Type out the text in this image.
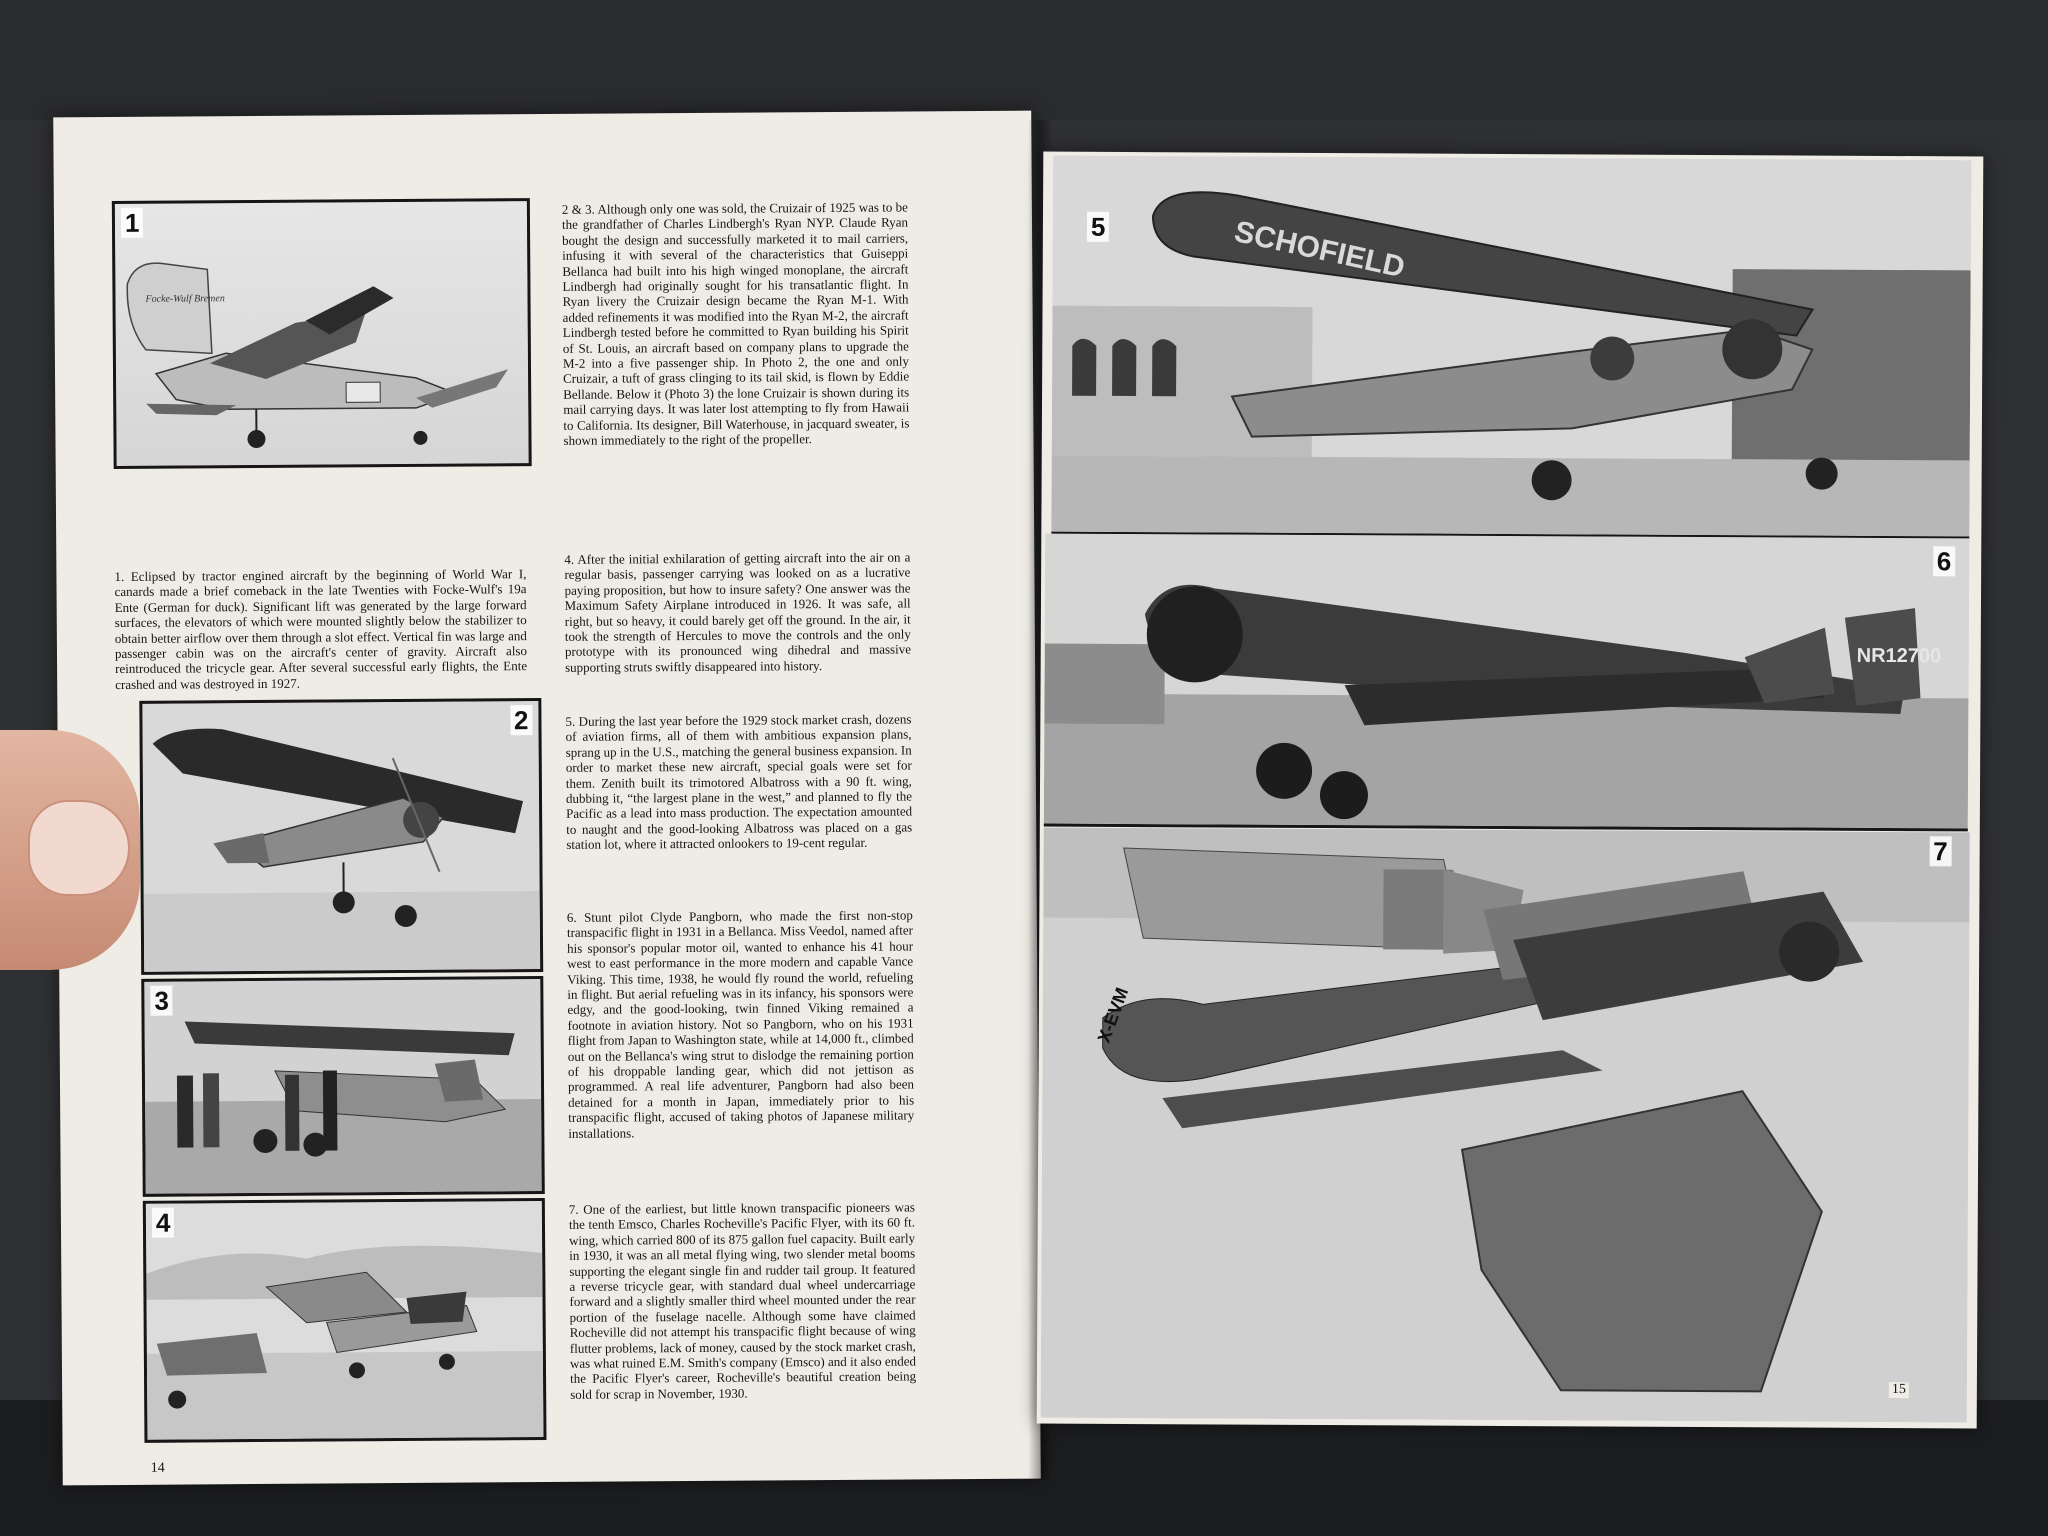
Focke-Wulf Bremen
1
1. Eclipsed by tractor engined aircraft by the beginning of World War I, canards made a brief comeback in the late Twenties with Focke-Wulf's 19a Ente (German for duck). Significant lift was generated by the large forward surfaces, the elevators of which were mounted slightly below the stabilizer to obtain better airflow over them through a slot effect. Vertical fin was large and passenger cabin was on the aircraft's center of gravity. Aircraft also reintroduced the tricycle gear. After several successful early flights, the Ente crashed and was destroyed in 1927.
2
3
4
2 & 3. Although only one was sold, the Cruizair of 1925 was to be the grandfather of Charles Lindbergh's Ryan NYP. Claude Ryan bought the design and successfully marketed it to mail carriers, infusing it with several of the characteristics that Guiseppi Bellanca had built into his high winged monoplane, the aircraft Lindbergh had originally sought for his transatlantic flight. In Ryan livery the Cruizair design became the Ryan M-1. With added refinements it was modified into the Ryan M-2, the aircraft Lindbergh tested before he committed to Ryan building his Spirit of St. Louis, an aircraft based on company plans to upgrade the M-2 into a five passenger ship. In Photo 2, the one and only Cruizair, a tuft of grass clinging to its tail skid, is flown by Eddie Bellande. Below it (Photo 3) the lone Cruizair is shown during its mail carrying days. It was later lost attempting to fly from Hawaii to California. Its designer, Bill Waterhouse, in jacquard sweater, is shown immediately to the right of the propeller.
4. After the initial exhilaration of getting aircraft into the air on a regular basis, passenger carrying was looked on as a lucrative paying proposition, but how to insure safety? One answer was the Maximum Safety Airplane introduced in 1926. It was safe, all right, but so heavy, it could barely get off the ground. In the air, it took the strength of Hercules to move the controls and the only prototype with its pronounced wing dihedral and massive supporting struts swiftly disappeared into history.
5. During the last year before the 1929 stock market crash, dozens of aviation firms, all of them with ambitious expansion plans, sprang up in the U.S., matching the general business expansion. In order to market these new aircraft, special goals were set for them. Zenith built its trimotored Albatross with a 90 ft. wing, dubbing it, “the largest plane in the west,” and planned to fly the Pacific as a lead into mass production. The expectation amounted to naught and the good-looking Albatross was placed on a gas station lot, where it attracted onlookers to 19-cent regular.
6. Stunt pilot Clyde Pangborn, who made the first non-stop transpacific flight in 1931 in a Bellanca. Miss Veedol, named after his sponsor's popular motor oil, wanted to enhance his 41 hour west to east performance in the more modern and capable Vance Viking. This time, 1938, he would fly round the world, refueling in flight. But aerial refueling was in its infancy, his sponsors were edgy, and the good-looking, twin finned Viking remained a footnote in aviation history. Not so Pangborn, who on his 1931 flight from Japan to Washington state, while at 14,000 ft., climbed out on the Bellanca's wing strut to dislodge the remaining portion of his droppable landing gear, which did not jettison as programmed. A real life adventurer, Pangborn had also been detained for a month in Japan, immediately prior to his transpacific flight, accused of taking photos of Japanese military installations.
7. One of the earliest, but little known transpacific pioneers was the tenth Emsco, Charles Rocheville's Pacific Flyer, with its 60 ft. wing, which carried 800 of its 875 gallon fuel capacity. Built early in 1930, it was an all metal flying wing, two slender metal booms supporting the elegant single fin and rudder tail group. It featured a reverse tricycle gear, with standard dual wheel undercarriage forward and a slightly smaller third wheel mounted under the rear portion of the fuselage nacelle. Although some have claimed Rocheville did not attempt his transpacific flight because of wing flutter problems, lack of money, caused by the stock market crash, was what ruined E.M. Smith's company (Emsco) and it also ended the Pacific Flyer's career, Rocheville's beautiful creation being sold for scrap in November, 1930.
14
SCHOFIELD
5
NR12700
6
X-EVM
7
15
